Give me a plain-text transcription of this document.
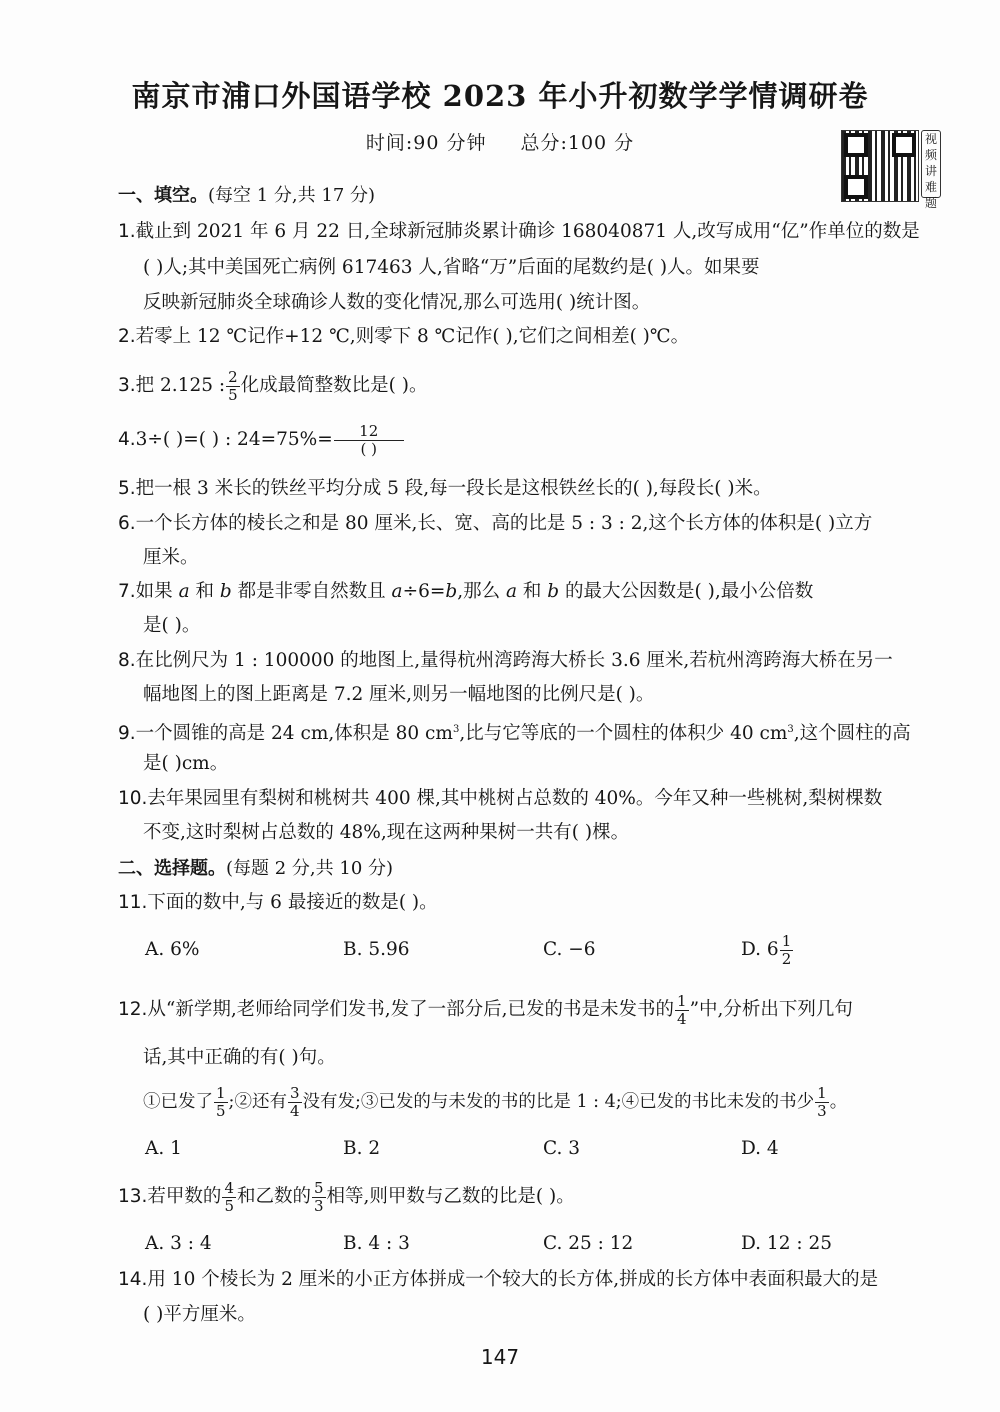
南京市浦口外国语学校 2023 年小升初数学学情调研卷
时间:90 分钟 总分:100 分	视频讲难题
一、填空。(每空 1 分,共 17 分)
1.截止到 2021 年 6 月 22 日,全球新冠肺炎累计确诊 168040871 人,改写成用“亿”作单位的数是
( )人;其中美国死亡病例 617463 人,省略“万”后面的尾数约是( )人。如果要
反映新冠肺炎全球确诊人数的变化情况,那么可选用( )统计图。
2.若零上 12 ℃记作+12 ℃,则零下 8 ℃记作( ),它们之间相差( )℃。
3.把 2.125 : $\frac{2}{5}$ 化成最简整数比是( )。
4.3÷( )=( ) : $24=75\%= \frac{12}{( )}$
5.把一根 3 米长的铁丝平均分成 5 段,每一段长是这根铁丝长的( ),每段长( )米。
6.一个长方体的棱长之和是 80 厘米,长、宽、高的比是 5 : 3 : 2,这个长方体的体积是( )立方
厘米。
7.如果 a 和 b 都是非零自然数且 a÷6=b,那么 a 和 b 的最大公因数是( ),最小公倍数
是( )。
8.在比例尺为 1 : 100000 的地图上,量得杭州湾跨海大桥长 3.6 厘米,若杭州湾跨海大桥在另一
幅地图上的图上距离是 7.2 厘米,则另一幅地图的比例尺是( )。
9.一个圆锥的高是 24 cm,体积是 80 $cm^3$,比与它等底的一个圆柱的体积少 40 $cm^3$,这个圆柱的高
是( )cm。
10.去年果园里有梨树和桃树共 400 棵,其中桃树占总数的 40%。今年又种一些桃树,梨树棵数
不变,这时梨树占总数的 48%,现在这两种果树一共有( )棵。
二、选择题。(每题 2 分,共 10 分)
11.下面的数中,与 6 最接近的数是( )。
A. 6%	B. 5.96	C. −6	D. $6 \frac{1}{2}$
12.从“新学期,老师给同学们发书,发了一部分后,已发的书是未发书的 $\frac{1}{4}$ ”中,分析出下列几句
话,其中正确的有( )句。
①已发了 $\frac{1}{5}$ ;②还有 $\frac{3}{4}$ 没有发;③已发的与未发的书的比是 1 : 4;④已发的书比未发的书少 $\frac{1}{3}$ 。
A. 1	B. 2	C. 3	D. 4
13.若甲数的 $\frac{4}{5}$ 和乙数的 $\frac{5}{3}$ 相等,则甲数与乙数的比是( )。
A. 3 : 4	B. 4 : 3	C. 25 : 12	D. 12 : 25
14.用 10 个棱长为 2 厘米的小正方体拼成一个较大的长方体,拼成的长方体中表面积最大的是
( )平方厘米。
147
